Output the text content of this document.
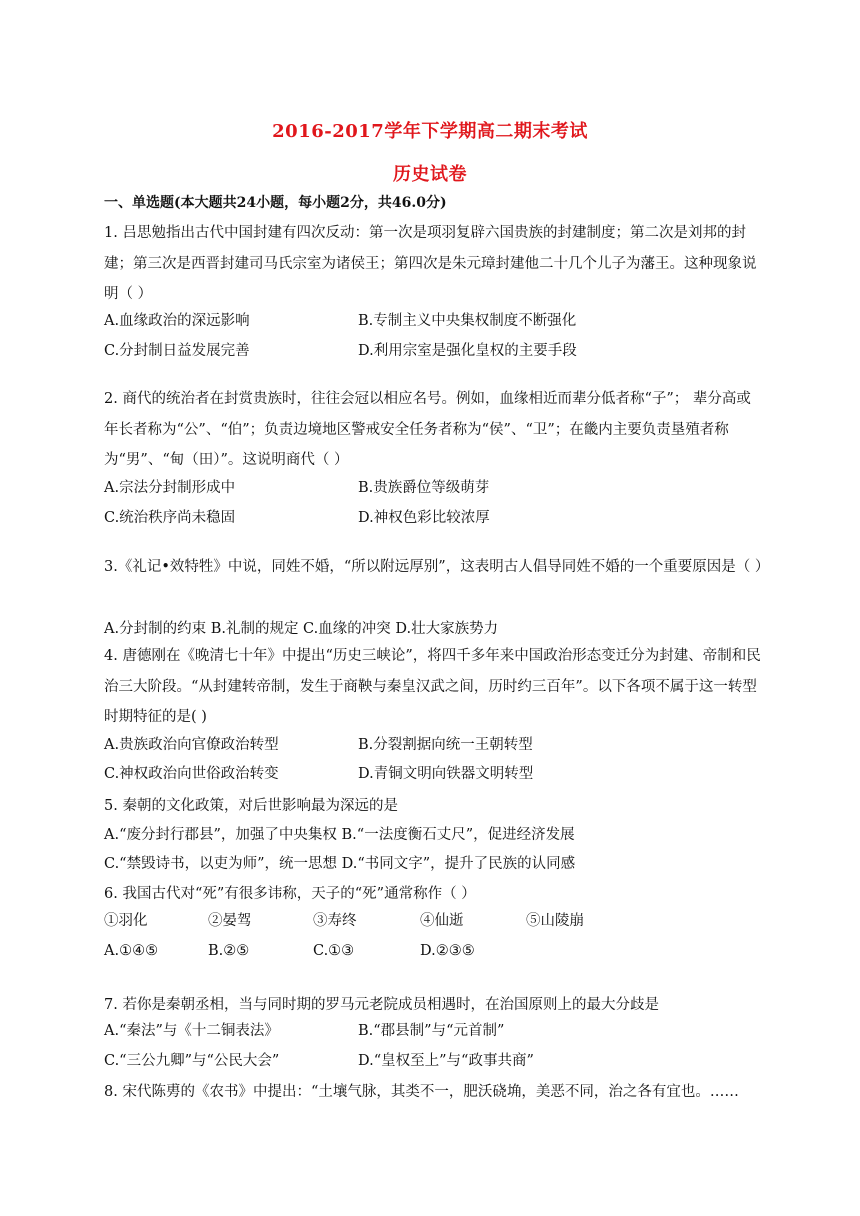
2016-2017学年下学期高二期末考试
历史试卷
一、单选题(本大题共24小题，每小题2分，共46.0分)
1. 吕思勉指出古代中国封建有四次反动：第一次是项羽复辟六国贵族的封建制度；第二次是刘邦的封建；第三次是西晋封建司马氏宗室为诸侯王；第四次是朱元璋封建他二十几个儿子为藩王。这种现象说明（ ）
A.血缘政治的深远影响	B.专制主义中央集权制度不断强化
C.分封制日益发展完善	D.利用宗室是强化皇权的主要手段
2. 商代的统治者在封赏贵族时，往往会冠以相应名号。例如，血缘相近而辈分低者称“子”； 辈分高或年长者称为“公”、“伯”；负责边境地区警戒安全任务者称为“侯”、“卫”；在畿内主要负责垦殖者称为“男”、“甸（田）”。这说明商代（ ）
A.宗法分封制形成中	B.贵族爵位等级萌芽
C.统治秩序尚未稳固	D.神权色彩比较浓厚
3.《礼记•效特牲》中说，同姓不婚，“所以附远厚别”，这表明古人倡导同姓不婚的一个重要原因是（ ）
A.分封制的约束 B.礼制的规定 C.血缘的冲突 D.壮大家族势力
4. 唐德刚在《晚清七十年》中提出“历史三峡论”，将四千多年来中国政治形态变迁分为封建、帝制和民治三大阶段。“从封建转帝制，发生于商鞅与秦皇汉武之间，历时约三百年”。以下各项不属于这一转型时期特征的是( )
A.贵族政治向官僚政治转型	B.分裂割据向统一王朝转型
C.神权政治向世俗政治转变	D.青铜文明向铁器文明转型
5. 秦朝的文化政策，对后世影响最为深远的是
A.“废分封行郡县”，加强了中央集权 B.“一法度衡石丈尺”，促进经济发展
C.“禁毁诗书，以吏为师”，统一思想 D.“书同文字”，提升了民族的认同感
6. 我国古代对“死”有很多讳称，天子的“死”通常称作（ ）
①羽化	②晏驾	③寿终	④仙逝	⑤山陵崩
A.①④⑤	B.②⑤	C.①③	D.②③⑤
7. 若你是秦朝丞相，当与同时期的罗马元老院成员相遇时，在治国原则上的最大分歧是
A.“秦法”与《十二铜表法》	B.“郡县制”与“元首制”
C.“三公九卿”与“公民大会”	D.“皇权至上”与“政事共商”
8. 宋代陈旉的《农书》中提出：“土壤气脉，其类不一，肥沃硗埆，美恶不同，治之各有宜也。……
